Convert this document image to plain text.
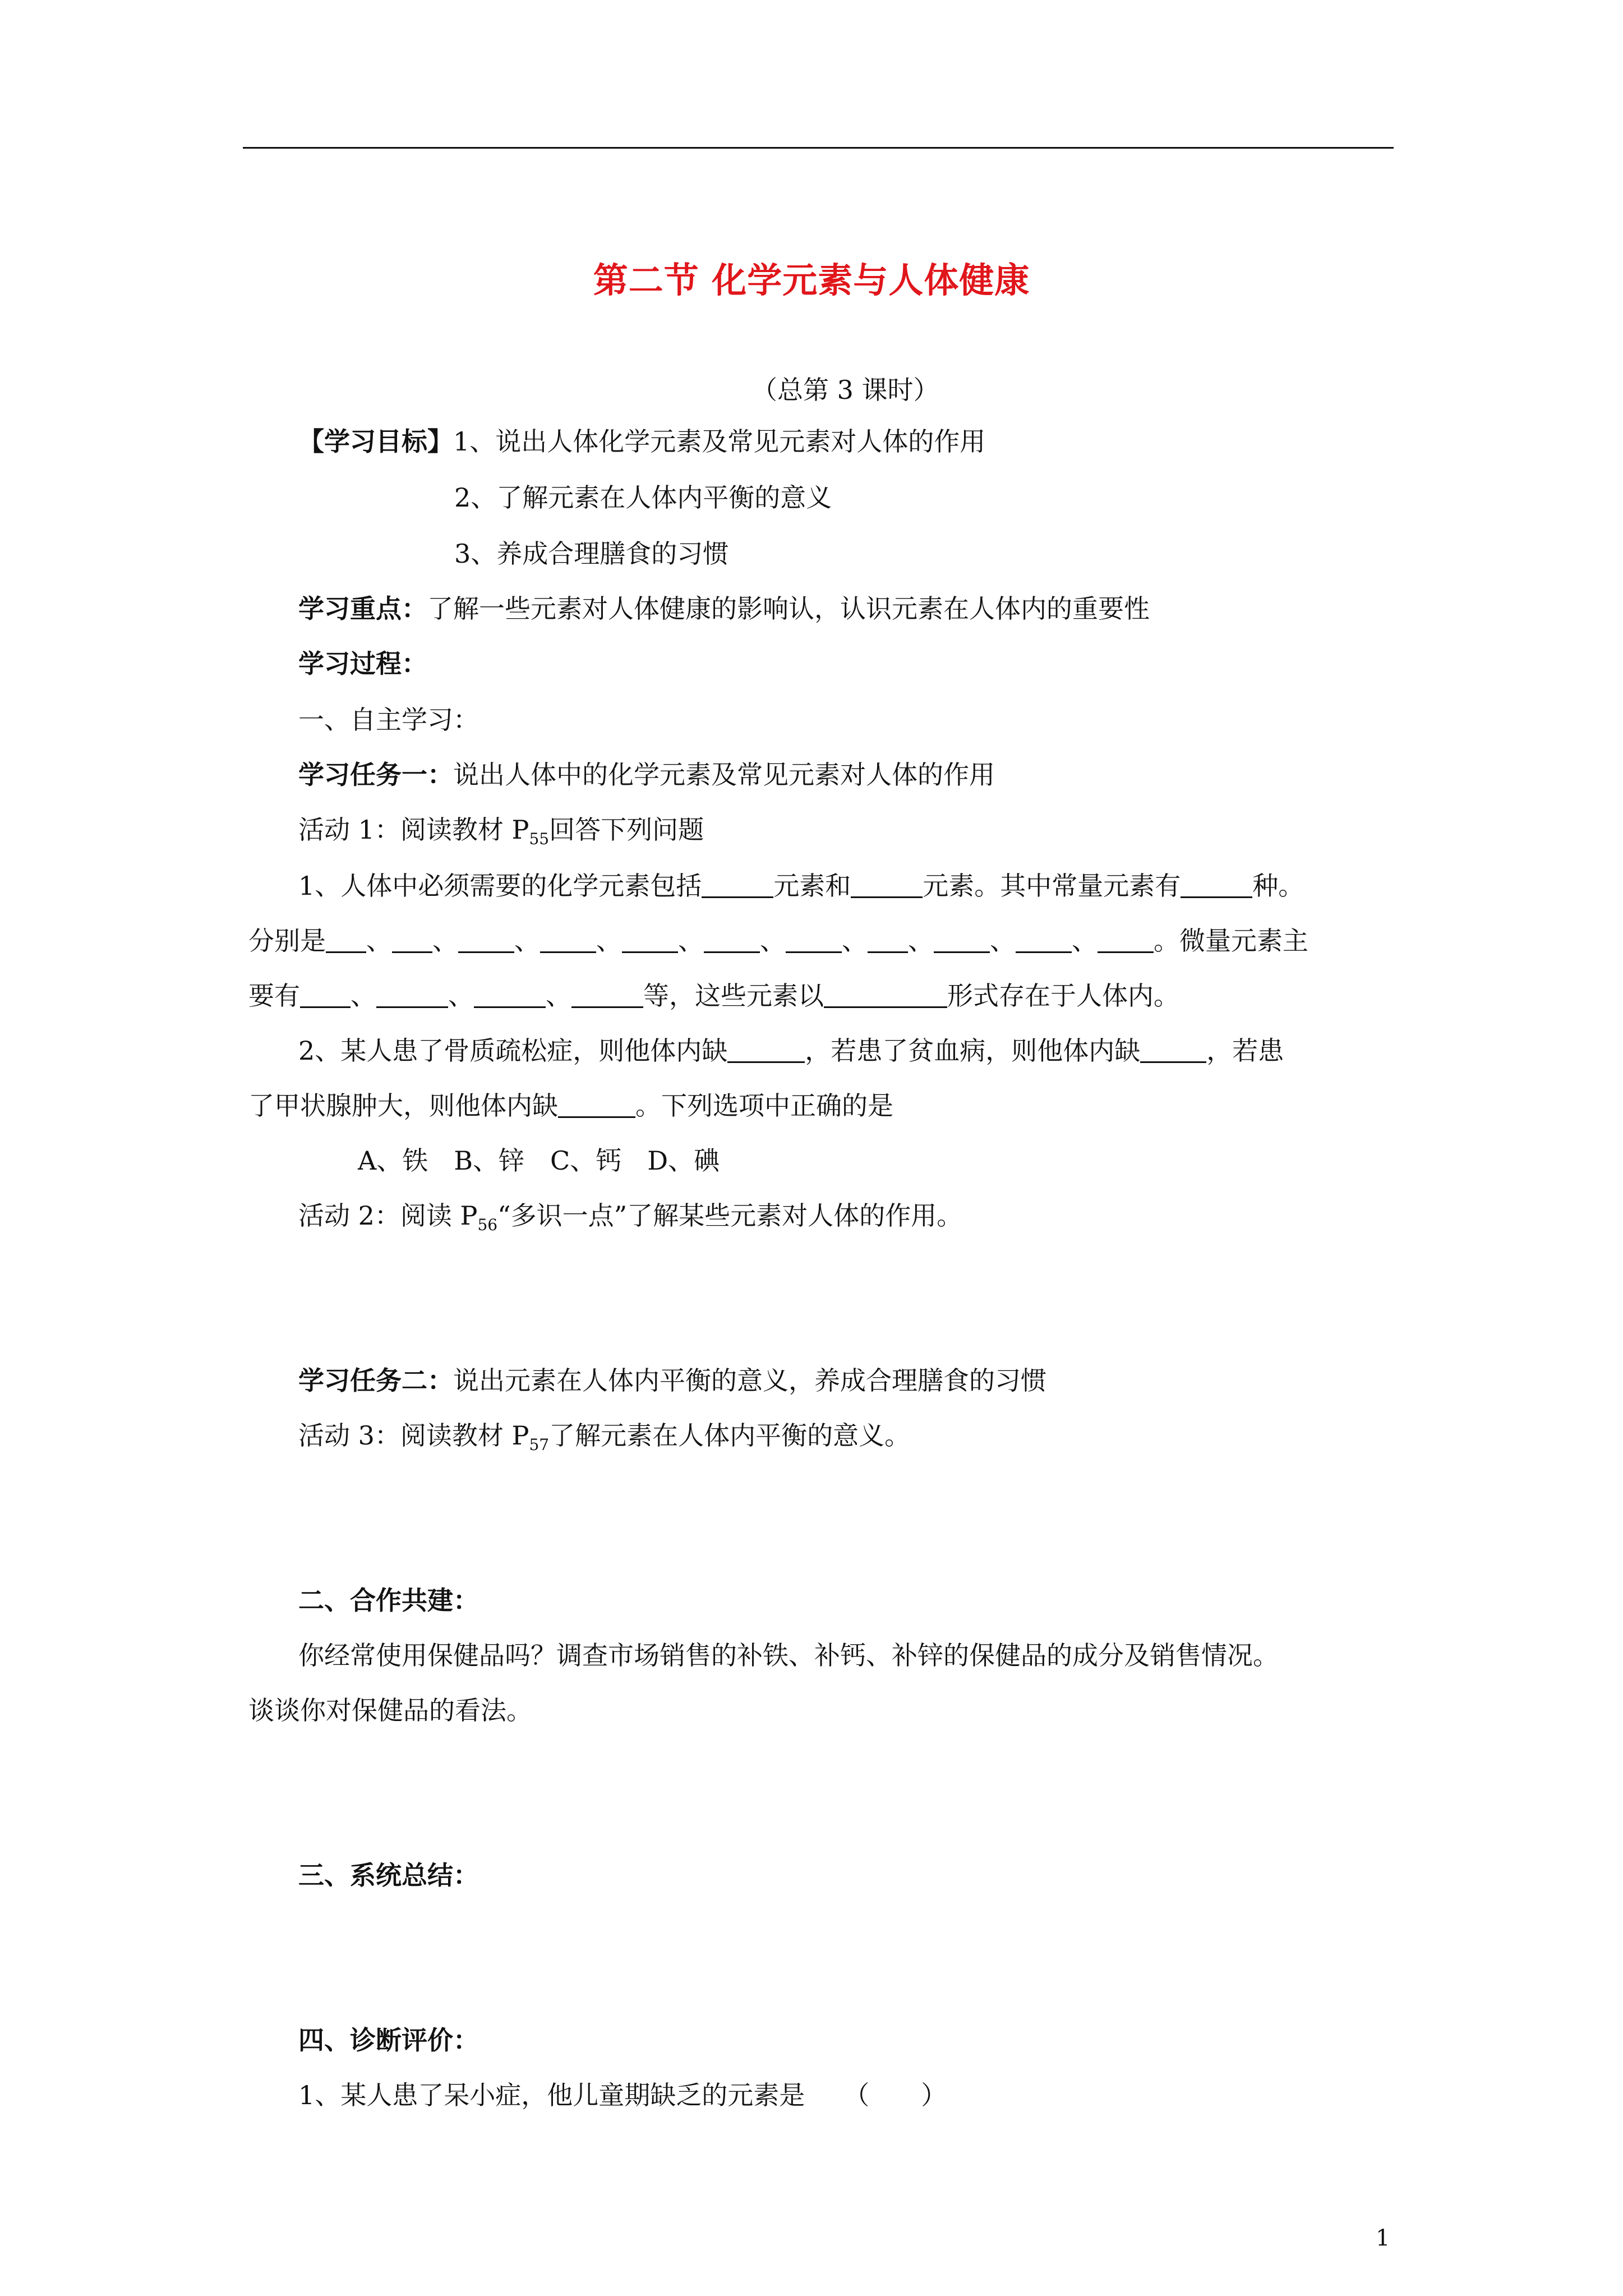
第二节 化学元素与人体健康
（总第 3 课时）
【学习目标】1、说出人体化学元素及常见元素对人体的作用
2、了解元素在人体内平衡的意义
3、养成合理膳食的习惯
学习重点：了解一些元素对人体健康的影响认，认识元素在人体内的重要性
学习过程：
一、自主学习：
学习任务一：说出人体中的化学元素及常见元素对人体的作用
活动 1：阅读教材 $P_{55}$回答下列问题
1、人体中必须需要的化学元素包括	元素和	元素。其中常量元素有	种。
分别是 、 、 、 、 、 、 、 、 、 、 。微量元素主
要有 、	、	、	等，这些元素以	形式存在于人体内。
2、某人患了骨质疏松症，则他体内缺	，若患了贫血病，则他体内缺	，若患
了甲状腺肿大，则他体内缺	。下列选项中正确的是
A、铁　B、锌　C、钙　D、碘
活动 2：阅读 $P_{56}“$多识一点”了解某些元素对人体的作用。
学习任务二：说出元素在人体内平衡的意义，养成合理膳食的习惯
活动 3：阅读教材 $P_{57}$了解元素在人体内平衡的意义。
二、合作共建：
你经常使用保健品吗？调查市场销售的补铁、补钙、补锌的保健品的成分及销售情况。
谈谈你对保健品的看法。
三、系统总结：
四、诊断评价：
1、某人患了呆小症，他儿童期缺乏的元素是　　（　　）
1
